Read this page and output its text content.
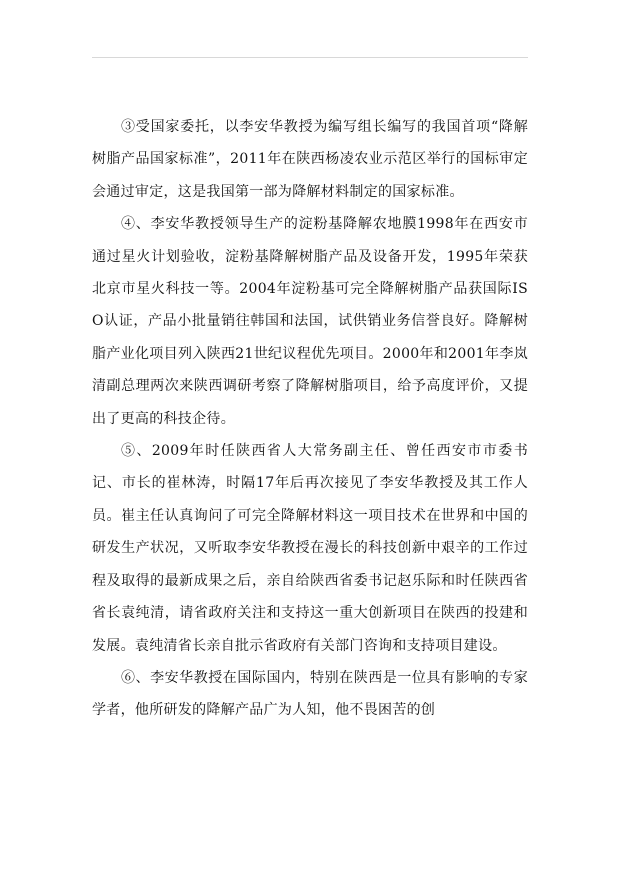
③受国家委托，以李安华教授为编写组长编写的我国首项“降解树脂产品国家标准”，2011年在陕西杨凌农业示范区举行的国标审定会通过审定，这是我国第一部为降解材料制定的国家标准。

④、李安华教授领导生产的淀粉基降解农地膜1998年在西安市通过星火计划验收，淀粉基降解树脂产品及设备开发，1995年荣获北京市星火科技一等。2004年淀粉基可完全降解树脂产品获国际ISO认证，产品小批量销往韩国和法国，试供销业务信誉良好。降解树脂产业化项目列入陕西21世纪议程优先项目。2000年和2001年李岚清副总理两次来陕西调研考察了降解树脂项目，给予高度评价，又提出了更高的科技企待。

⑤、2009年时任陕西省人大常务副主任、曾任西安市市委书记、市长的崔林涛，时隔17年后再次接见了李安华教授及其工作人员。崔主任认真询问了可完全降解材料这一项目技术在世界和中国的研发生产状况，又听取李安华教授在漫长的科技创新中艰辛的工作过程及取得的最新成果之后，亲自给陕西省委书记赵乐际和时任陕西省省长袁纯清，请省政府关注和支持这一重大创新项目在陕西的投建和发展。袁纯清省长亲自批示省政府有关部门咨询和支持项目建设。

⑥、李安华教授在国际国内，特别在陕西是一位具有影响的专家学者，他所研发的降解产品广为人知，他不畏困苦的创
